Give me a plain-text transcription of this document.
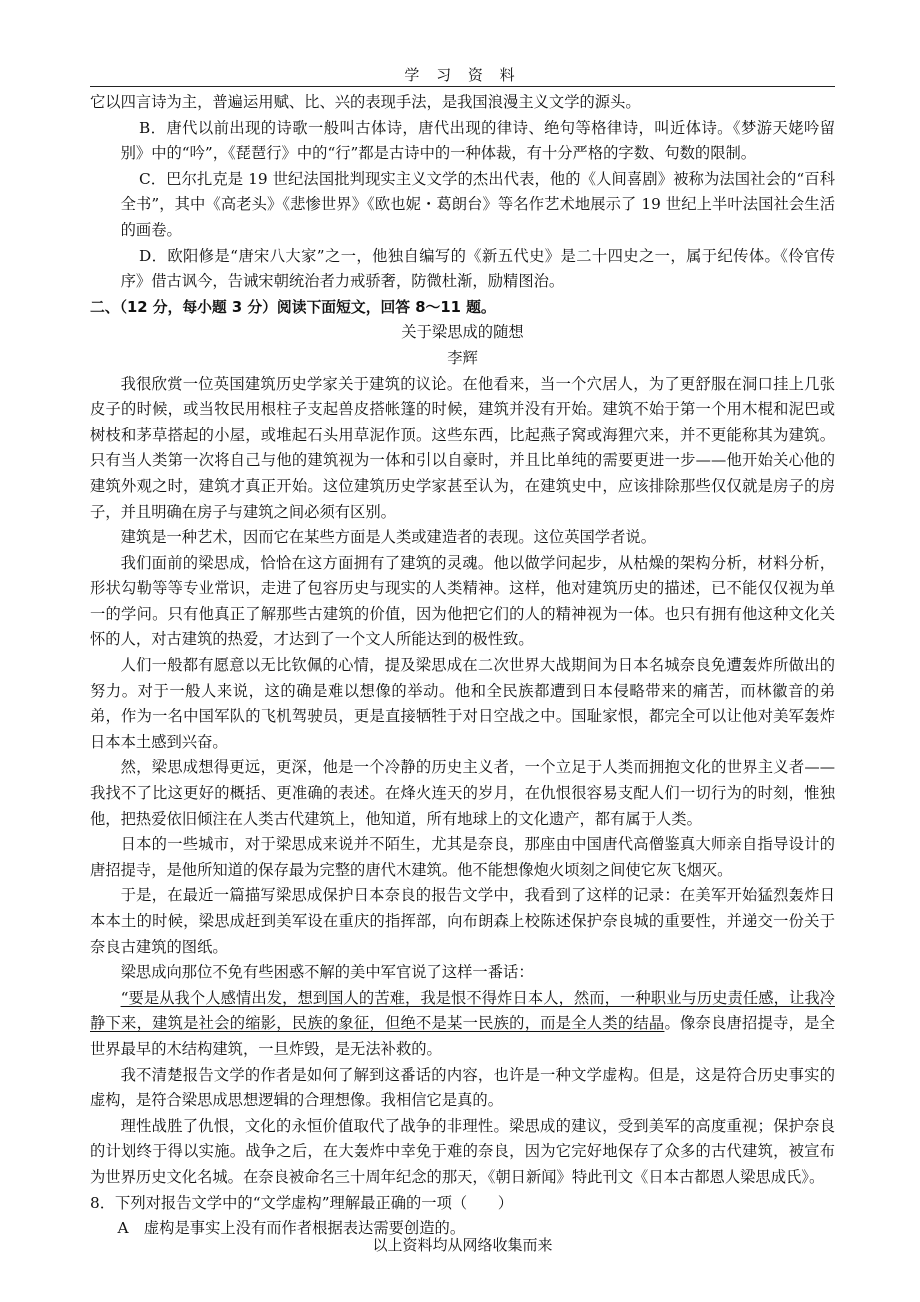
学 习 资 料

它以四言诗为主，普遍运用赋、比、兴的表现手法，是我国浪漫主义文学的源头。

B．唐代以前出现的诗歌一般叫古体诗，唐代出现的律诗、绝句等格律诗，叫近体诗。《梦游天姥吟留别》中的“吟”，《琵琶行》中的“行”都是古诗中的一种体裁，有十分严格的字数、句数的限制。

C．巴尔扎克是 19 世纪法国批判现实主义文学的杰出代表，他的《人间喜剧》被称为法国社会的“百科全书”，其中《高老头》《悲惨世界》《欧也妮・葛朗台》等名作艺术地展示了 19 世纪上半叶法国社会生活的画卷。

D．欧阳修是“唐宋八大家”之一，他独自编写的《新五代史》是二十四史之一，属于纪传体。《伶官传序》借古讽今，告诫宋朝统治者力戒骄奢，防微杜渐，励精图治。

二、（12 分，每小题 3 分）阅读下面短文，回答 8～11 题。

关于梁思成的随想

李辉

我很欣赏一位英国建筑历史学家关于建筑的议论。在他看来，当一个穴居人，为了更舒服在洞口挂上几张皮子的时候，或当牧民用根柱子支起兽皮搭帐篷的时候，建筑并没有开始。建筑不始于第一个用木棍和泥巴或树枝和茅草搭起的小屋，或堆起石头用草泥作顶。这些东西，比起燕子窝或海狸穴来，并不更能称其为建筑。只有当人类第一次将自己与他的建筑视为一体和引以自豪时，并且比单纯的需要更进一步——他开始关心他的建筑外观之时，建筑才真正开始。这位建筑历史学家甚至认为，在建筑史中，应该排除那些仅仅就是房子的房子，并且明确在房子与建筑之间必须有区别。

建筑是一种艺术，因而它在某些方面是人类或建造者的表现。这位英国学者说。

我们面前的梁思成，恰恰在这方面拥有了建筑的灵魂。他以做学问起步，从枯燥的架构分析，材料分析，形状勾勒等等专业常识，走进了包容历史与现实的人类精神。这样，他对建筑历史的描述，已不能仅仅视为单一的学问。只有他真正了解那些古建筑的价值，因为他把它们的人的精神视为一体。也只有拥有他这种文化关怀的人，对古建筑的热爱，才达到了一个文人所能达到的极性致。

人们一般都有愿意以无比钦佩的心情，提及梁思成在二次世界大战期间为日本名城奈良免遭轰炸所做出的努力。对于一般人来说，这的确是难以想像的举动。他和全民族都遭到日本侵略带来的痛苦，而林徽音的弟弟，作为一名中国军队的飞机驾驶员，更是直接牺牲于对日空战之中。国耻家恨，都完全可以让他对美军轰炸日本本土感到兴奋。

然，梁思成想得更远，更深，他是一个冷静的历史主义者，一个立足于人类而拥抱文化的世界主义者——我找不了比这更好的概括、更准确的表述。在烽火连天的岁月，在仇恨很容易支配人们一切行为的时刻，惟独他，把热爱依旧倾注在人类古代建筑上，他知道，所有地球上的文化遗产，都有属于人类。

日本的一些城市，对于梁思成来说并不陌生，尤其是奈良，那座由中国唐代高僧鉴真大师亲自指导设计的唐招提寺，是他所知道的保存最为完整的唐代木建筑。他不能想像炮火顷刻之间使它灰飞烟灭。

于是，在最近一篇描写梁思成保护日本奈良的报告文学中，我看到了这样的记录：在美军开始猛烈轰炸日本本土的时候，梁思成赶到美军设在重庆的指挥部，向布朗森上校陈述保护奈良城的重要性，并递交一份关于奈良古建筑的图纸。

梁思成向那位不免有些困惑不解的美中军官说了这样一番话：

“要是从我个人感情出发，想到国人的苦难，我是恨不得炸日本人，然而，一种职业与历史责任感，让我冷静下来，建筑是社会的缩影，民族的象征，但绝不是某一民族的，而是全人类的结晶。像奈良唐招提寺，是全世界最早的木结构建筑，一旦炸毁，是无法补救的。

我不清楚报告文学的作者是如何了解到这番话的内容，也许是一种文学虚构。但是，这是符合历史事实的虚构，是符合梁思成思想逻辑的合理想像。我相信它是真的。

理性战胜了仇恨，文化的永恒价值取代了战争的非理性。梁思成的建议，受到美军的高度重视；保护奈良的计划终于得以实施。战争之后，在大轰炸中幸免于难的奈良，因为它完好地保存了众多的古代建筑，被宣布为世界历史文化名城。在奈良被命名三十周年纪念的那天，《朝日新闻》特此刊文《日本古都恩人梁思成氏》。

8．下列对报告文学中的“文学虚构”理解最正确的一项（　　）

A　虚构是事实上没有而作者根据表达需要创造的。

以上资料均从网络收集而来
